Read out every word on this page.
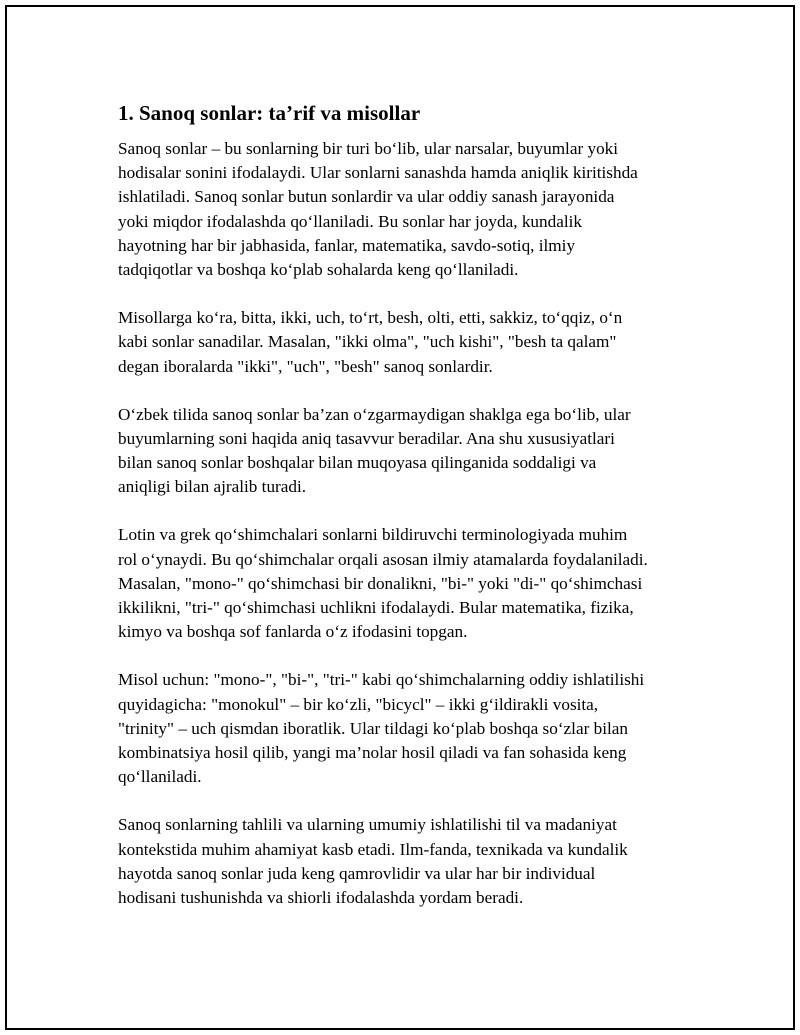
1. Sanoq sonlar: ta’rif va misollar

Sanoq sonlar – bu sonlarning bir turi bo‘lib, ular narsalar, buyumlar yoki
hodisalar sonini ifodalaydi. Ular sonlarni sanashda hamda aniqlik kiritishda
ishlatiladi. Sanoq sonlar butun sonlardir va ular oddiy sanash jarayonida
yoki miqdor ifodalashda qo‘llaniladi. Bu sonlar har joyda, kundalik
hayotning har bir jabhasida, fanlar, matematika, savdo-sotiq, ilmiy
tadqiqotlar va boshqa ko‘plab sohalarda keng qo‘llaniladi.

Misollarga ko‘ra, bitta, ikki, uch, to‘rt, besh, olti, etti, sakkiz, to‘qqiz, o‘n
kabi sonlar sanadilar. Masalan, "ikki olma", "uch kishi", "besh ta qalam"
degan iboralarda "ikki", "uch", "besh" sanoq sonlardir.

O‘zbek tilida sanoq sonlar ba’zan o‘zgarmaydigan shaklga ega bo‘lib, ular
buyumlarning soni haqida aniq tasavvur beradilar. Ana shu xususiyatlari
bilan sanoq sonlar boshqalar bilan muqoyasa qilinganida soddaligi va
aniqligi bilan ajralib turadi.

Lotin va grek qo‘shimchalari sonlarni bildiruvchi terminologiyada muhim
rol o‘ynaydi. Bu qo‘shimchalar orqali asosan ilmiy atamalarda foydalaniladi.
Masalan, "mono-" qo‘shimchasi bir donalikni, "bi-" yoki "di-" qo‘shimchasi
ikkilikni, "tri-" qo‘shimchasi uchlikni ifodalaydi. Bular matematika, fizika,
kimyo va boshqa sof fanlarda o‘z ifodasini topgan.

Misol uchun: "mono-", "bi-", "tri-" kabi qo‘shimchalarning oddiy ishlatilishi
quyidagicha: "monokul" – bir ko‘zli, "bicycl" – ikki g‘ildirakli vosita,
"trinity" – uch qismdan iboratlik. Ular tildagi ko‘plab boshqa so‘zlar bilan
kombinatsiya hosil qilib, yangi ma’nolar hosil qiladi va fan sohasida keng
qo‘llaniladi.

Sanoq sonlarning tahlili va ularning umumiy ishlatilishi til va madaniyat
kontekstida muhim ahamiyat kasb etadi. Ilm-fanda, texnikada va kundalik
hayotda sanoq sonlar juda keng qamrovlidir va ular har bir individual
hodisani tushunishda va shiorli ifodalashda yordam beradi.
